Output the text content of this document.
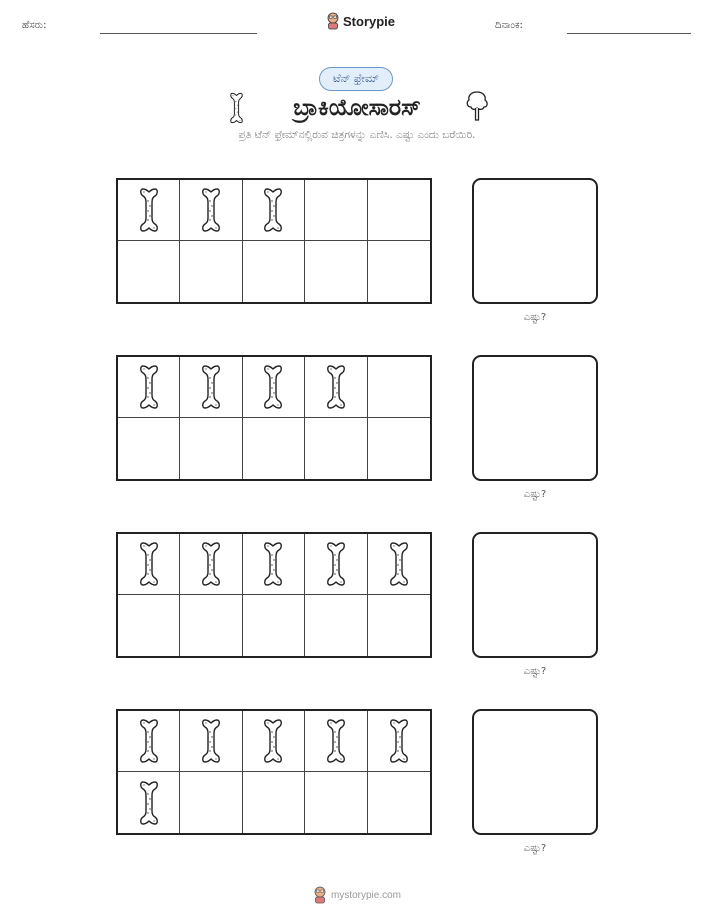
ಹೆಸರು:	Storypie	ದಿನಾಂಕ:
ಟೆನ್ ಫ್ರೇಮ್
ಬ್ರಾಕಿಯೋಸಾರಸ್
ಪ್ರತಿ ಟೆನ್ ಫ್ರೇಮ್‌ನಲ್ಲಿರುವ ಚಿತ್ರಗಳನ್ನು ಎಣಿಸಿ. ಎಷ್ಟು ಎಂದು ಬರೆಯಿರಿ.
ಎಷ್ಟು?
ಎಷ್ಟು?
ಎಷ್ಟು?
ಎಷ್ಟು?
mystorypie.com
